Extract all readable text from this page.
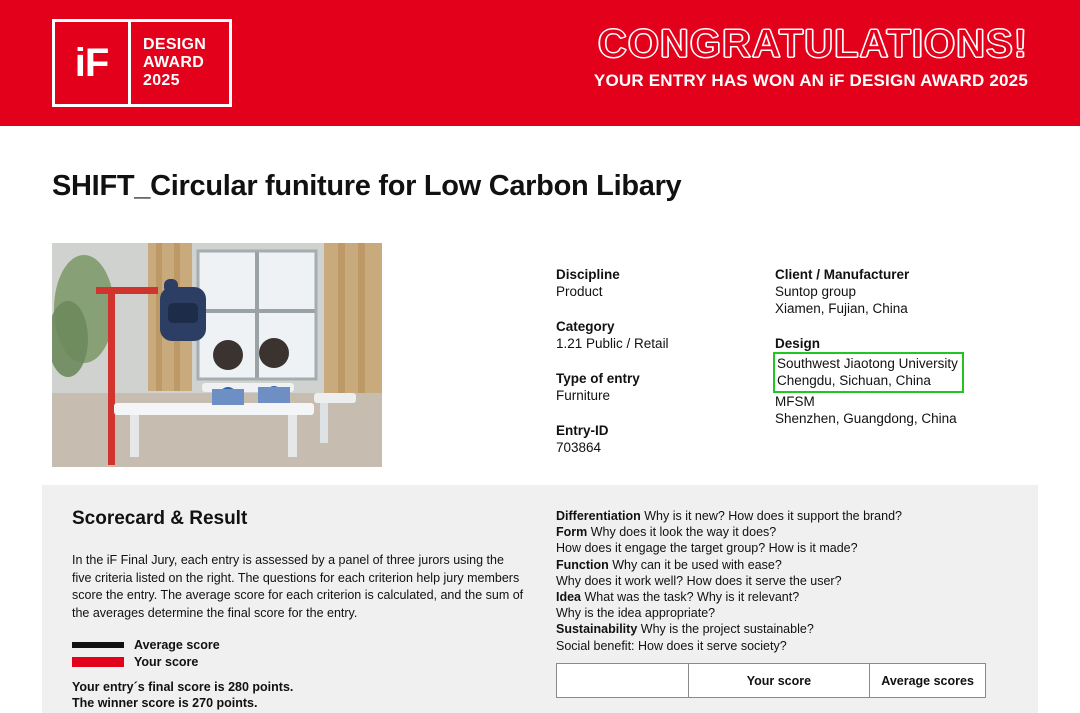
iF DESIGN
AWARD
2025
CONGRATULATIONS!
YOUR ENTRY HAS WON AN iF DESIGN AWARD 2025
SHIFT_Circular funiture for Low Carbon Libary
Discipline
Product
Category
1.21 Public / Retail
Type of entry
Furniture
Entry-ID
703864
Client / Manufacturer
Suntop group
Xiamen, Fujian, China
Design
Southwest Jiaotong University
Chengdu, Sichuan, China
MFSM
Shenzhen, Guangdong, China
Scorecard & Result
In the iF Final Jury, each entry is assessed by a panel of three jurors using the five criteria listed on the right. The questions for each criterion help jury members score the entry. The average score for each criterion is calculated, and the sum of the averages determine the final score for the entry.
Average score
Your score
Your entry´s final score is 280 points.
The winner score is 270 points.
Differentiation Why is it new? How does it support the brand?
Form Why does it look the way it does?
How does it engage the target group? How is it made?
Function Why can it be used with ease?
Why does it work well? How does it serve the user?
Idea What was the task? Why is it relevant?
Why is the idea appropriate?
Sustainability Why is the project sustainable?
Social benefit: How does it serve society?
	Your score	Average scores
